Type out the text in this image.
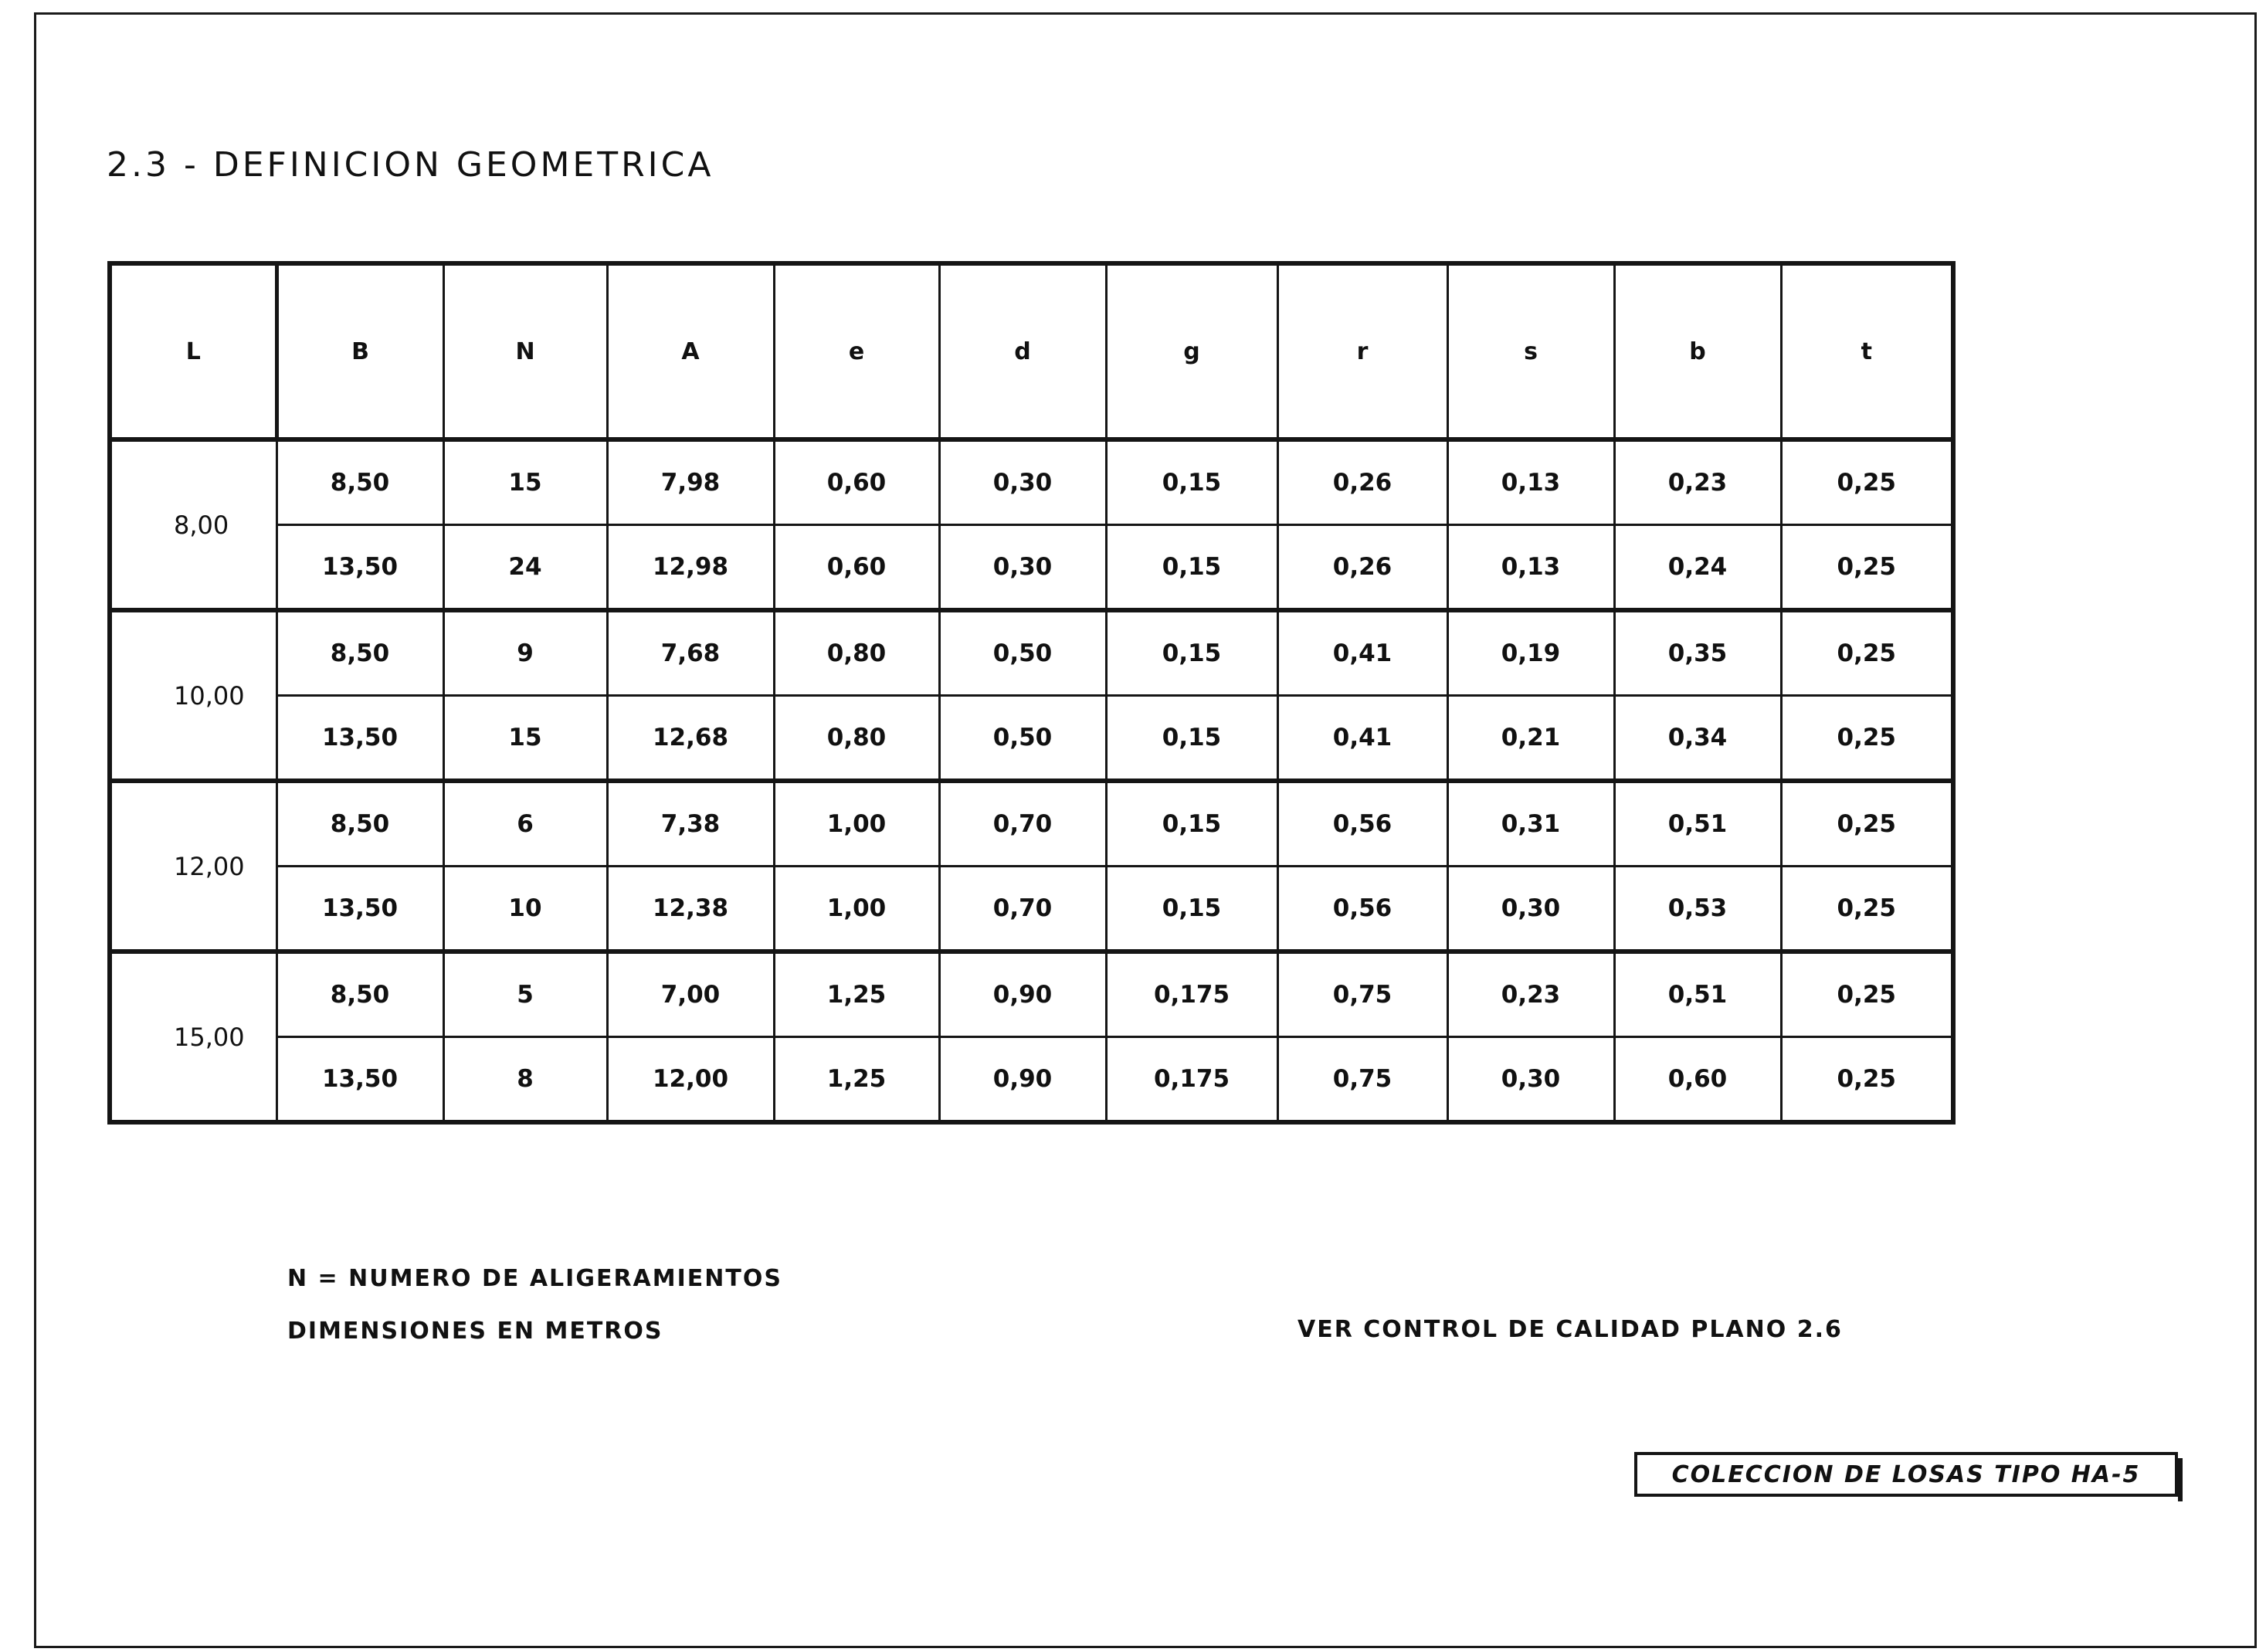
2.3 - DEFINICION GEOMETRICA
L	B	N	A	e	d	g	r	s	b	t
8,00	8,50	15	7,98	0,60	0,30	0,15	0,26	0,13	0,23	0,25
	13,50	24	12,98	0,60	0,30	0,15	0,26	0,13	0,24	0,25
10,00	8,50	9	7,68	0,80	0,50	0,15	0,41	0,19	0,35	0,25
	13,50	15	12,68	0,80	0,50	0,15	0,41	0,21	0,34	0,25
12,00	8,50	6	7,38	1,00	0,70	0,15	0,56	0,31	0,51	0,25
	13,50	10	12,38	1,00	0,70	0,15	0,56	0,30	0,53	0,25
15,00	8,50	5	7,00	1,25	0,90	0,175	0,75	0,23	0,51	0,25
	13,50	8	12,00	1,25	0,90	0,175	0,75	0,30	0,60	0,25
N = NUMERO DE ALIGERAMIENTOS
DIMENSIONES EN METROS	VER CONTROL DE CALIDAD PLANO 2.6
COLECCION DE LOSAS TIPO HA-5
